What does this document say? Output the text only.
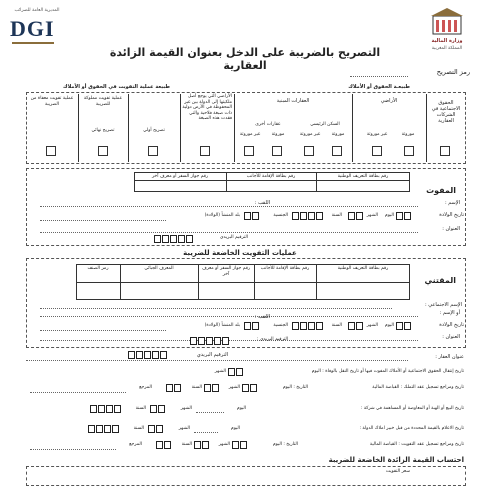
المديرية العامة للضرائب
DGI	وزارة المالية
المملكة المغربية
التصريح بالضريبة على الدخل بعنوان القيمة الزائدة العقارية	رمز التصريح
طبيعـة الحقوق أو الأملاك
طبيعة عملية التفويت في الحقوق أو الأملاك
الحقوق الاجتماعية في الشركات العقارية
الأراضي
العقارات المبنية
الأراضي التي يوجع أصل ملكيتها إلى الدولة بين غير المحفوظة في الأرض دولية ذات صبغة فلاحية والتي فقدت هذه الصبغة
عملية تفويت مملوكة للضريبة
عملية تفويت معفاة من الضريبة
السكن الرئيسي
عقارات أخرى
تصريح أولي
تصريح نهائي
موروثة
غير موروثة
موروثة
غير موروثة
موروثة
غير موروثة
المفوت
رقم بطاقة التعريف الوطنية
رقم بطاقة الإقامة للأجانب
رقم جواز السفر أو معرف آخر
الإسم :
اللقب :
تاريخ الولادة
اليوم
الشهر
السنة
الجنسية
بلد المنشأ (الولادة)
العنوان :
الترقيم البريدي
عمليات التفويت الخاضعة للضريبة
المقتني
رقم بطاقة التعريف الوطنية
رقم بطاقة الإقامة للأجانب
رقم جواز السفر أو معرف آخر
المعرف الجبائي
رمز الصنف
الإسم الاجتماعي :
أو الإسم :
اللقب :
تاريخ الولادة
اليوم
الشهر
السنة
الجنسية
بلد المنشأ (الولادة)
العنوان :
الترقيم البريدي :
عنوان العقار :
الترقيم البريدي
تاريخ إنتقال الحقوق الاجتماعية أو الأملاك المفوت فيها أو تاريخ النقل بالوفاة : اليوم
الشهر
تاريخ ومراجع تسجيل عقد التملك : القباضة المالية
التاريخ : اليوم
الشهر
السنة
المرجع
تاريخ البيع أو الهبة أو المعاوضة أو المساهمة في شركة :
اليوم
الشهر
السنة
تاريخ الاعلام بالقيمة المحددة من قبل خبير املاك الدولة :
اليوم
الشهر
السنة
تاريخ ومراجع تسجيل عقد التفويت : القباضة المالية
التاريخ : اليوم
الشهر
السنة
المرجع
احتساب القيمة الزائدة الخاضعة للضريبة
سعر التفويت
